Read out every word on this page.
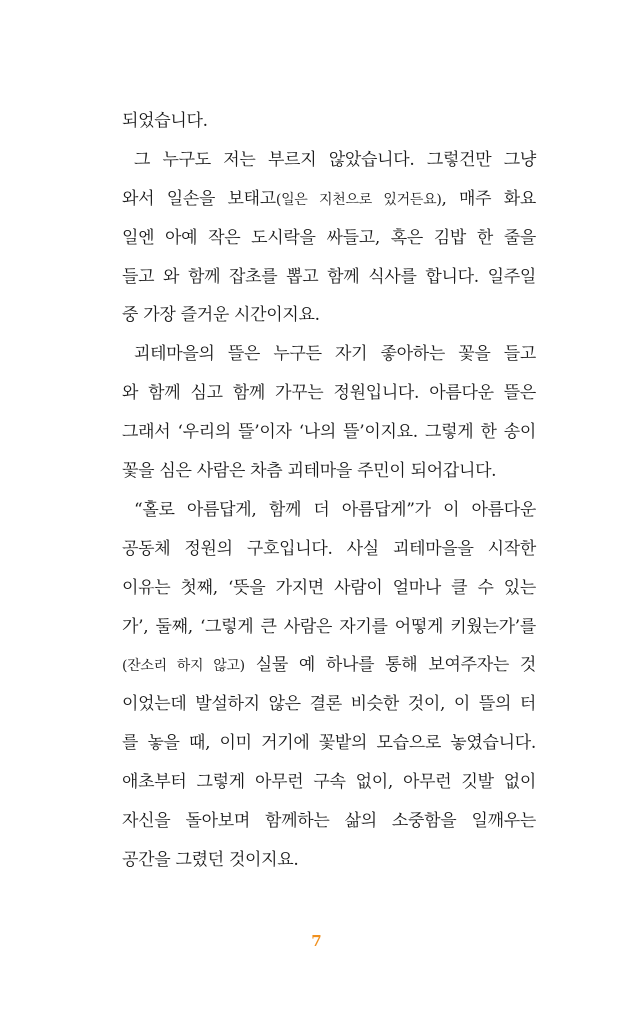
되었습니다.
그 누구도 저는 부르지 않았습니다. 그렇건만 그냥
와서 일손을 보태고(일은 지천으로 있거든요), 매주 화요
일엔 아예 작은 도시락을 싸들고, 혹은 김밥 한 줄을
들고 와 함께 잡초를 뽑고 함께 식사를 합니다. 일주일
중 가장 즐거운 시간이지요.
괴테마을의 뜰은 누구든 자기 좋아하는 꽃을 들고
와 함께 심고 함께 가꾸는 정원입니다. 아름다운 뜰은
그래서 ‘우리의 뜰’이자 ‘나의 뜰’이지요. 그렇게 한 송이
꽃을 심은 사람은 차츰 괴테마을 주민이 되어갑니다.
“홀로 아름답게, 함께 더 아름답게”가 이 아름다운
공동체 정원의 구호입니다. 사실 괴테마을을 시작한
이유는 첫째, ‘뜻을 가지면 사람이 얼마나 클 수 있는
가’, 둘째, ‘그렇게 큰 사람은 자기를 어떻게 키웠는가’를
(잔소리 하지 않고) 실물 예 하나를 통해 보여주자는 것
이었는데 발설하지 않은 결론 비슷한 것이, 이 뜰의 터
를 놓을 때, 이미 거기에 꽃밭의 모습으로 놓였습니다.
애초부터 그렇게 아무런 구속 없이, 아무런 깃발 없이
자신을 돌아보며 함께하는 삶의 소중함을 일깨우는
공간을 그렸던 것이지요.
7
